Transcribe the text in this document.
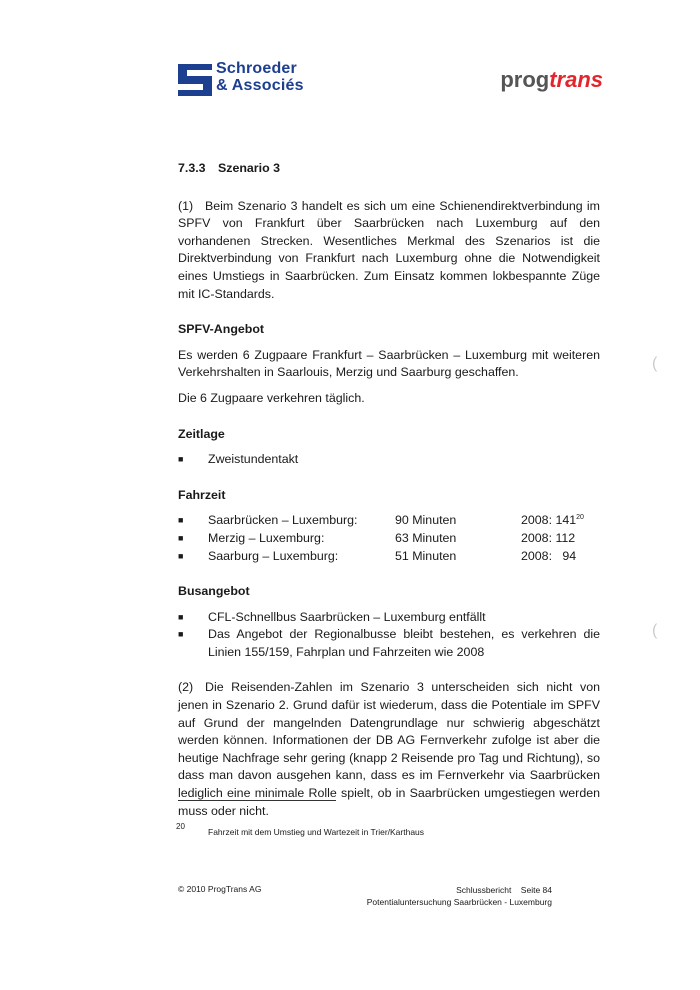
Schroeder
& Associés	progtrans
7.3.3 Szenario 3
(1) Beim Szenario 3 handelt es sich um eine Schienendirektverbindung im SPFV von Frankfurt über Saarbrücken nach Luxemburg auf den vorhandenen Strecken. Wesentliches Merkmal des Szenarios ist die Direktverbindung von Frankfurt nach Luxemburg ohne die Notwendigkeit eines Umstiegs in Saarbrücken. Zum Einsatz kommen lokbespannte Züge mit IC-Standards.
SPFV-Angebot
Es werden 6 Zugpaare Frankfurt – Saarbrücken – Luxemburg mit weiteren Verkehrshalten in Saarlouis, Merzig und Saarburg geschaffen.
Die 6 Zugpaare verkehren täglich.
Zeitlage
■ Zweistundentakt
Fahrzeit
■ Saarbrücken – Luxemburg:	90 Minuten	2008: $141^{20}$
■ Merzig – Luxemburg:	63 Minuten	2008: 112
■ Saarburg – Luxemburg:	51 Minuten	2008:   94
Busangebot
■ CFL-Schnellbus Saarbrücken – Luxemburg entfällt
■ Das Angebot der Regionalbusse bleibt bestehen, es verkehren die Linien 155/159, Fahrplan und Fahrzeiten wie 2008
(2) Die Reisenden-Zahlen im Szenario 3 unterscheiden sich nicht von jenen in Szenario 2. Grund dafür ist wiederum, dass die Potentiale im SPFV auf Grund der mangelnden Datengrundlage nur schwierig abgeschätzt werden können. Informationen der DB AG Fernverkehr zufolge ist aber die heutige Nachfrage sehr gering (knapp 2 Reisende pro Tag und Richtung), so dass man davon ausgehen kann, dass es im Fernverkehr via Saarbrücken lediglich eine minimale Rolle spielt, ob in Saarbrücken umgestiegen werden muss oder nicht.
(
(
20
Fahrzeit mit dem Umstieg und Wartezeit in Trier/Karthaus
© 2010 ProgTrans AG	Schlussbericht Seite 84
Potentialuntersuchung Saarbrücken - Luxemburg
